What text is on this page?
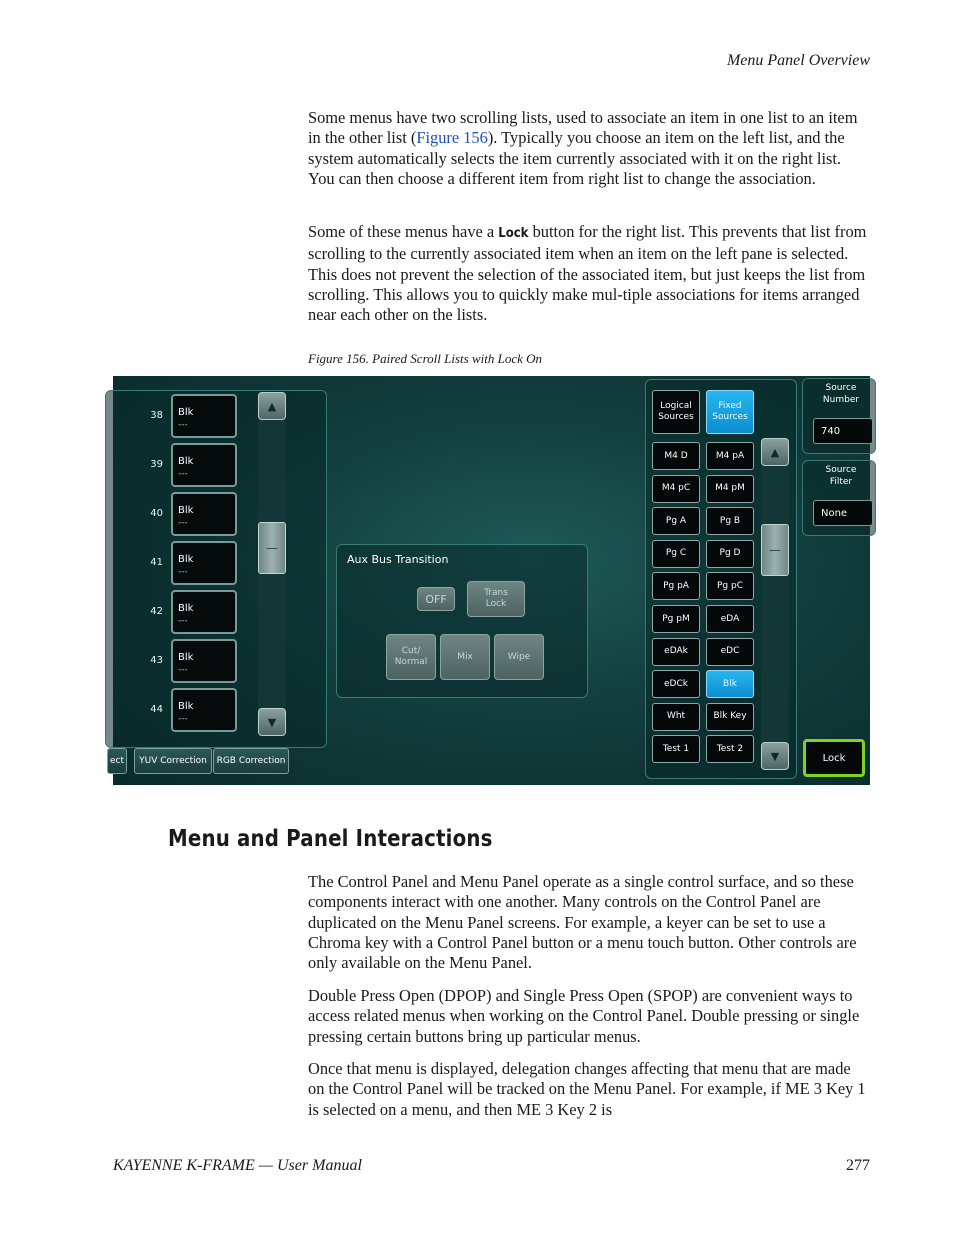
Menu Panel Overview

Some menus have two scrolling lists, used to associate an item in one list to an item in the other list (Figure 156). Typically you choose an item on the left list, and the system automatically selects the item currently associated with it on the right list. You can then choose a different item from right list to change the association.

Some of these menus have a Lock button for the right list. This prevents that list from scrolling to the currently associated item when an item on the left pane is selected. This does not prevent the selection of the associated item, but just keeps the list from scrolling. This allows you to quickly make mul-tiple associations for items arranged near each other on the lists.

Figure 156. Paired Scroll Lists with Lock On
38 Blk
---
39 Blk
---
40 Blk
---
41 Blk
---
42 Blk
---
43 Blk
---
44 Blk
---
▲
—
▼
ect	YUV Correction	RGB Correction
Aux Bus Transition
OFF	Trans
Lock
Cut/
Normal
Mix	Wipe
Logical
Sources
Fixed
Sources
M4 D	M4 pA
M4 pC	M4 pM
Pg A	Pg B
Pg C	Pg D
Pg pA	Pg pC
Pg pM	eDA
eDAk	eDC
eDCk	Blk
Wht	Blk Key
Test 1	Test 2
▲
—
▼
Source
Number
740
Source
Filter
None
Lock
Menu and Panel Interactions

The Control Panel and Menu Panel operate as a single control surface, and so these components interact with one another. Many controls on the Control Panel are duplicated on the Menu Panel screens. For example, a keyer can be set to use a Chroma key with a Control Panel button or a menu touch button. Other controls are only available on the Menu Panel.

Double Press Open (DPOP) and Single Press Open (SPOP) are convenient ways to access related menus when working on the Control Panel. Double pressing or single pressing certain buttons bring up particular menus.

Once that menu is displayed, delegation changes affecting that menu that are made on the Control Panel will be tracked on the Menu Panel. For example, if ME 3 Key 1 is selected on a menu, and then ME 3 Key 2 is

KAYENNE K-FRAME — User Manual	277
